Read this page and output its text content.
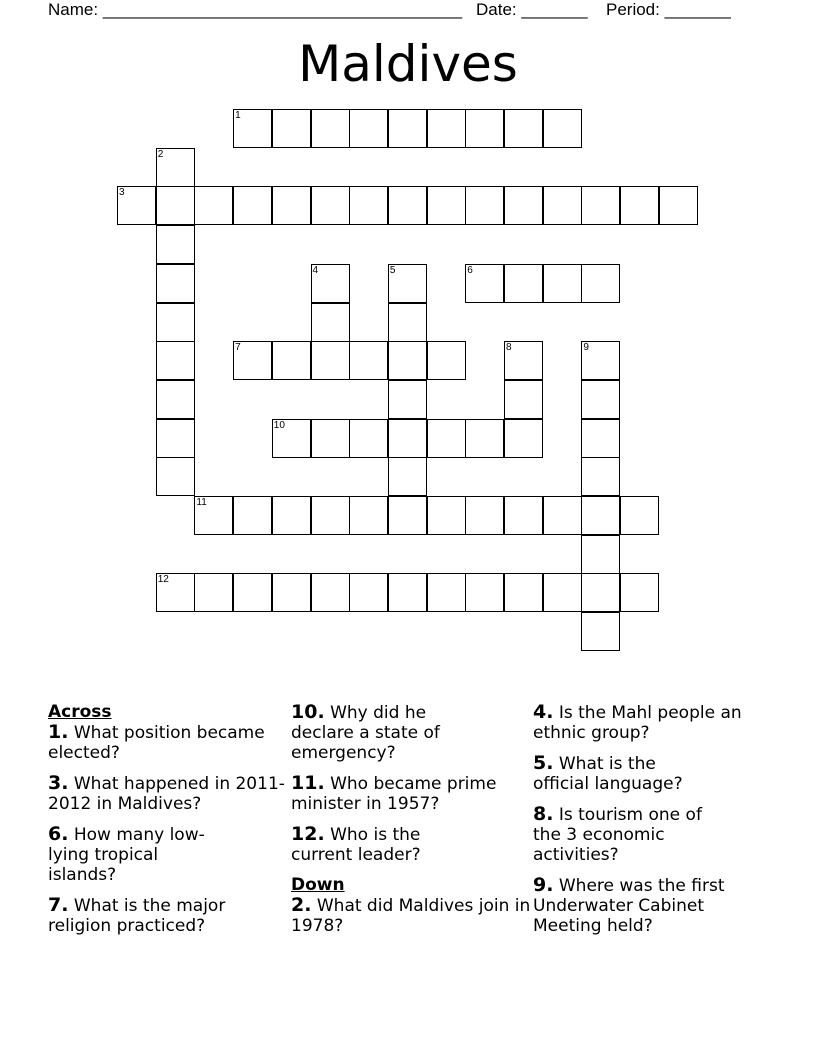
Name: ______________________________________ Date: _______ Period: _______
Maldives
1
2
3
4	5	6
7	8	9
10
11
12
Across
1. What position became elected?
3. What happened in 2011-2012 in Maldives?
6. How many low-lying tropical islands?
7. What is the major religion practiced?
10. Why did he declare a state of emergency?
11. Who became prime minister in 1957?
12. Who is the current leader?
Down
2. What did Maldives join in 1978?
4. Is the Mahl people an ethnic group?
5. What is the official language?
8. Is tourism one of the 3 economic activities?
9. Where was the first Underwater Cabinet Meeting held?
